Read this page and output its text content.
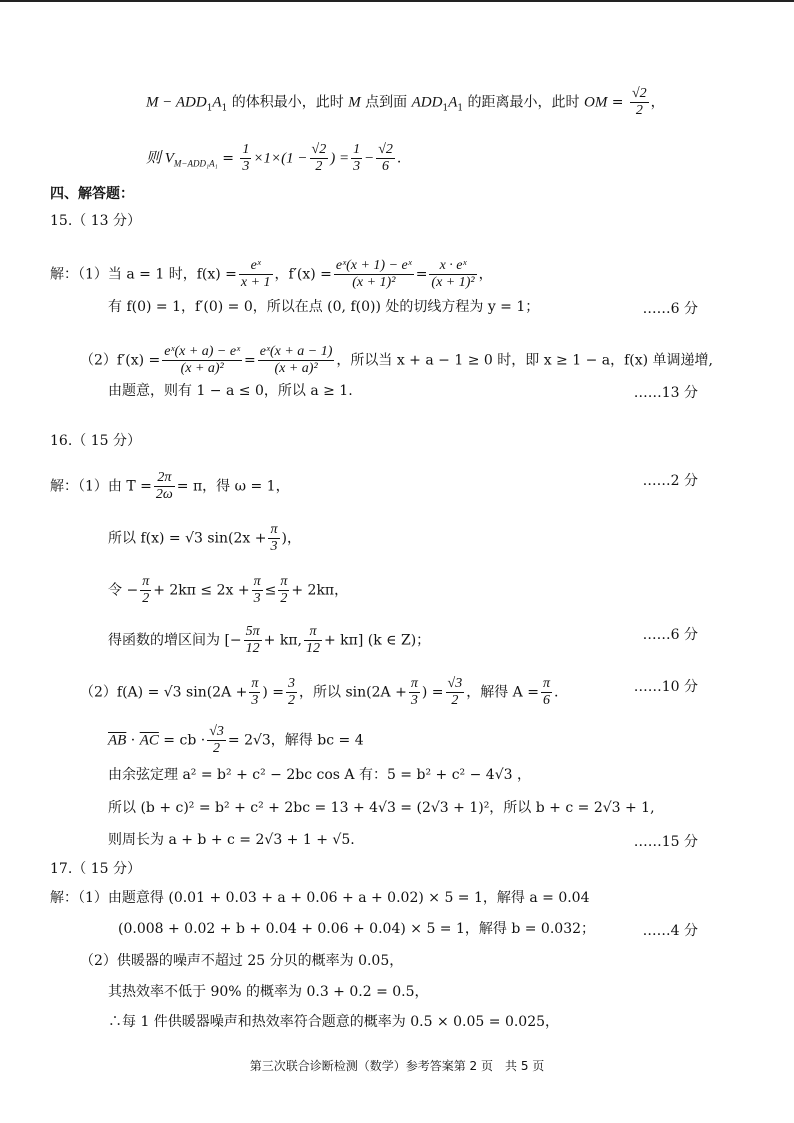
$M - ADD_1A_1$ 的体积最小，此时 M 点到面 $ADD_1A_1$ 的距离最小，此时 OM = $\frac{√2}{2}$ ，
则 $V_{M-ADD_1A_1} = \frac{1}{3} \times 1\times(1 - \frac{√2}{2}$ ) = $\frac{1}{3} - \frac{√2}{6}$ .
四、解答题：
15.（ 13 分）
解：（1）当 a = 1 时，$f(x) = \frac{\text{eˣ}}{x + 1}$ ，$f'(x) = \frac{\text{eˣ(x + 1) − eˣ}}{\text{(x + 1)²}} = \frac{\text{x · eˣ}}{\text{(x + 1)²}}$ ，
有 f(0) = 1，f′(0) = 0，所以在点 (0, f(0)) 处的切线方程为 y = 1；	……6 分
$(2)f'(x) = \frac{\text{eˣ(x + a) − eˣ}}{\text{(x + a)²}} = \frac{\text{eˣ(x + a − 1)}}{\text{(x + a)²}}$ ，所以当 x + a − 1 ≥ 0 时，即 x ≥ 1 − a，f(x) 单调递增,
由题意，则有 1 − a ≤ 0，所以 a ≥ 1.	……13 分
16.（ 15 分）
解：（1）由 $T = \frac{2\pi}{2\omega} = \pi$，得 ω = 1，	……2 分
所以 f(x) = √3 $\sin(2x + \frac{\pi}{3}$ )，
令 − $\frac{\pi}{2} + 2k\pi \le 2x + \frac{\pi}{3} \le \frac{\pi}{2} + 2k\pi$，
得函数的增区间为 [− $\frac{5\pi}{12} + k\pi$, $\frac{\pi}{12} + k\pi$] (k ∈ Z)；	……6 分
（2）f(A) = √3 $\sin(2A + \frac{\pi}{3}$ ) = $\frac{3}{2}$ ，所以 $\sin(2A + \frac{\pi}{3}$ ) = $\frac{√3}{2}$ ，解得 $A = \frac{\pi}{6}$ .	……10 分
$\overline{AB} \cdot \overline{AC}$ = cb · $\frac{√3}{2} = 2√3$，解得 bc = 4
由余弦定理 a² = b² + c² − 2bc cos A 有：5 = b² + c² − 4√3 ，
所以 (b + c)² = b² + c² + 2bc = 13 + 4√3 = (2√3 + 1)²，所以 b + c = 2√3 + 1,
则周长为 a + b + c = 2√3 + 1 + √5.	……15 分
17.（ 15 分）
解：（1）由题意得 (0.01 + 0.03 + a + 0.06 + a + 0.02) × 5 = 1，解得 a = 0.04
(0.008 + 0.02 + b + 0.04 + 0.06 + 0.04) × 5 = 1，解得 b = 0.032；	……4 分
（2）供暖器的噪声不超过 25 分贝的概率为 0.05，
其热效率不低于 90% 的概率为 0.3 + 0.2 = 0.5，
∴每 1 件供暖器噪声和热效率符合题意的概率为 0.5 × 0.05 = 0.025，
第三次联合诊断检测（数学）参考答案第 2 页　共 5 页
